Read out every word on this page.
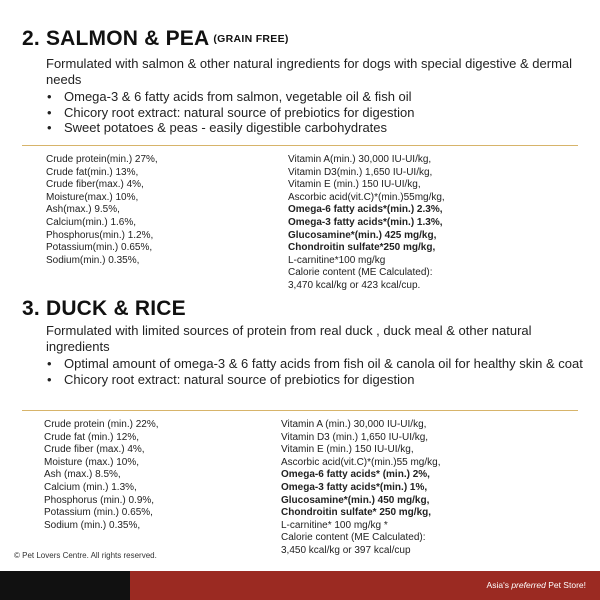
2. SALMON & PEA $^{(GRAIN FREE)}$

Formulated with salmon & other natural ingredients for dogs with special digestive & dermal needs

• Omega-3 & 6 fatty acids from salmon, vegetable oil & fish oil
• Chicory root extract: natural source of prebiotics for digestion
• Sweet potatoes & peas - easily digestible carbohydrates
Crude protein(min.) 27%,
Crude fat(min.) 13%,
Crude fiber(max.) 4%,
Moisture(max.) 10%,
Ash(max.) 9.5%,
Calcium(min.) 1.6%,
Phosphorus(min.) 1.2%,
Potassium(min.) 0.65%,
Sodium(min.) 0.35%,
Vitamin A(min.) 30,000 IU-UI/kg,
Vitamin D3(min.) 1,650 IU-UI/kg,
Vitamin E (min.) 150 IU-UI/kg,
Ascorbic acid(vit.C)*(min.)55mg/kg,
Omega-6 fatty acids*(min.) 2.3%,
Omega-3 fatty acids*(min.) 1.3%,
Glucosamine*(min.) 425 mg/kg,
Chondroitin sulfate*250 mg/kg,
L-carnitine*100 mg/kg
Calorie content (ME Calculated):
3,470 kcal/kg or 423 kcal/cup.
3. DUCK & RICE

Formulated with limited sources of protein from real duck , duck meal & other natural ingredients

• Optimal amount of omega-3 & 6 fatty acids from fish oil & canola oil for healthy skin & coat
• Chicory root extract: natural source of prebiotics for digestion
Crude protein (min.) 22%,
Crude fat (min.) 12%,
Crude fiber (max.) 4%,
Moisture (max.) 10%,
Ash (max.) 8.5%,
Calcium (min.) 1.3%,
Phosphorus (min.) 0.9%,
Potassium (min.) 0.65%,
Sodium (min.) 0.35%,
Vitamin A (min.) 30,000 IU-UI/kg,
Vitamin D3 (min.) 1,650 IU-UI/kg,
Vitamin E (min.) 150 IU-UI/kg,
Ascorbic acid(vit.C)*(min.)55 mg/kg,
Omega-6 fatty acids* (min.) 2%,
Omega-3 fatty acids*(min.) 1%,
Glucosamine*(min.) 450 mg/kg,
Chondroitin sulfate* 250 mg/kg,
L-carnitine* 100 mg/kg *
Calorie content (ME Calculated):
3,450 kcal/kg or 397 kcal/cup
© Pet Lovers Centre. All rights reserved.
Asia's preferred Pet Store!
